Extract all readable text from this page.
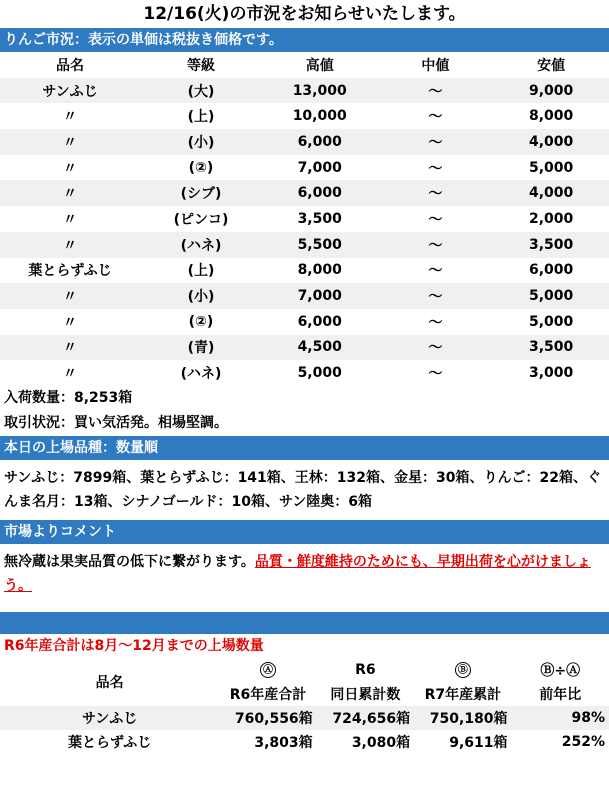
12/16(火)の市況をお知らせいたします。
りんご市況：表示の単価は税抜き価格です。
品名	等級	高値	中値	安値
サンふじ	(大)	13,000	～	9,000
〃	(上)	10,000	～	8,000
〃	(小)	6,000	～	4,000
〃	(②)	7,000	～	5,000
〃	(シブ)	6,000	～	4,000
〃	(ピンコ)	3,500	～	2,000
〃	(ハネ)	5,500	～	3,500
葉とらずふじ	(上)	8,000	～	6,000
〃	(小)	7,000	～	5,000
〃	(②)	6,000	～	5,000
〃	(青)	4,500	～	3,500
〃	(ハネ)	5,000	～	3,000
入荷数量：8,253箱
取引状況：買い気活発。相場堅調。
本日の上場品種：数量順
サンふじ：7899箱、葉とらずふじ：141箱、王林：132箱、金星：30箱、りんご：22箱、ぐんま名月：13箱、シナノゴールド：10箱、サン陸奥：6箱
市場よりコメント
無冷蔵は果実品質の低下に繋がります。品質・鮮度維持のためにも、早期出荷を心がけましょう。
R6年産合計は8月～12月までの上場数量
品名	Ⓐ	R6	Ⓑ	Ⓑ÷Ⓐ
	R6年産合計	同日累計数	R7年産累計	前年比
サンふじ	760,556箱	724,656箱	750,180箱	98%
葉とらずふじ	3,803箱	3,080箱	9,611箱	252%
